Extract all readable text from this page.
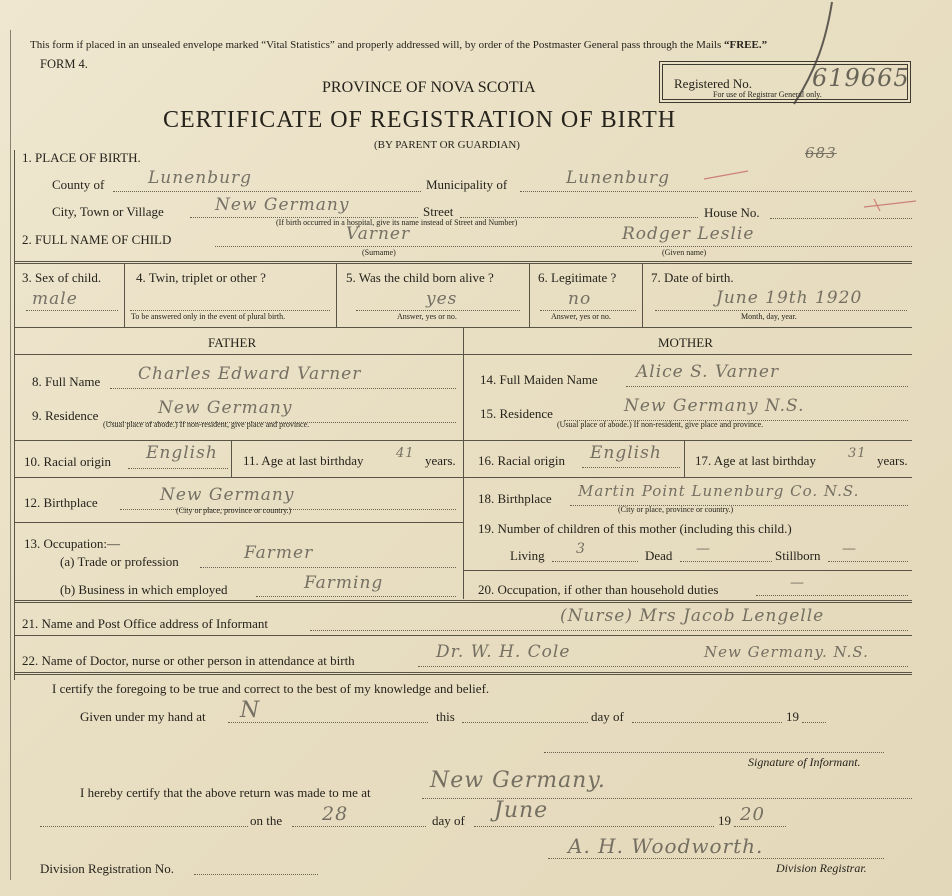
This form if placed in an unsealed envelope marked “Vital Statistics” and properly addressed will, by order of the Postmaster General pass through the Mails “FREE.”
FORM 4.
PROVINCE OF NOVA SCOTIA
CERTIFICATE OF REGISTRATION OF BIRTH
(BY PARENT OR GUARDIAN)
Registered No.
For use of Registrar General only.
619665
683
1. PLACE OF BIRTH.
County of	Lunenburg	Municipality of	Lunenburg
City, Town or Village	New Germany	Street
(If birth occurred in a hospital, give its name instead of Street and Number)
House No.
2. FULL NAME OF CHILD	Varner
(Surname)
Rodger Leslie
(Given name)
3. Sex of child.
male
4. Twin, triplet or other ?
To be answered only in the event of plural birth.
5. Was the child born alive ?
yes
Answer, yes or no.
6. Legitimate ?
no
Answer, yes or no.
7. Date of birth.
June 19th 1920
Month, day, year.
FATHER
8. Full Name Charles Edward Varner
9. Residence	New Germany
(Usual place of abode.) If non-resident, give place and province.
10. Racial origin English 11. Age at last birthday	41 years.
12. Birthplace	New Germany
(City or place, province or country.)
13. Occupation:—
(a) Trade or profession	Farmer
(b) Business in which employed	Farming
MOTHER
14. Full Maiden Name Alice S. Varner
15. Residence	New Germany N.S.
(Usual place of abode.) If non-resident, give place and province.
16. Racial origin English	17. Age at last birthday 31 years.
18. Birthplace Martin Point Lunenburg Co. N.S.
(City or place, province or country.)
19. Number of children of this mother (including this child.)
Living 3	Dead —	Stillborn —
20. Occupation, if other than household duties	—
21. Name and Post Office address of Informant	(Nurse) Mrs Jacob Lengelle
22. Name of Doctor, nurse or other person in attendance at birth	Dr. W. H. Cole	New Germany. N.S.
I certify the foregoing to be true and correct to the best of my knowledge and belief.
Given under my hand at N	this	day of	19
Signature of Informant.
I hereby certify that the above return was made to me at	New Germany.
on the 28	day of June	19 20
A. H. Woodworth.
Division Registration No.	Division Registrar.
